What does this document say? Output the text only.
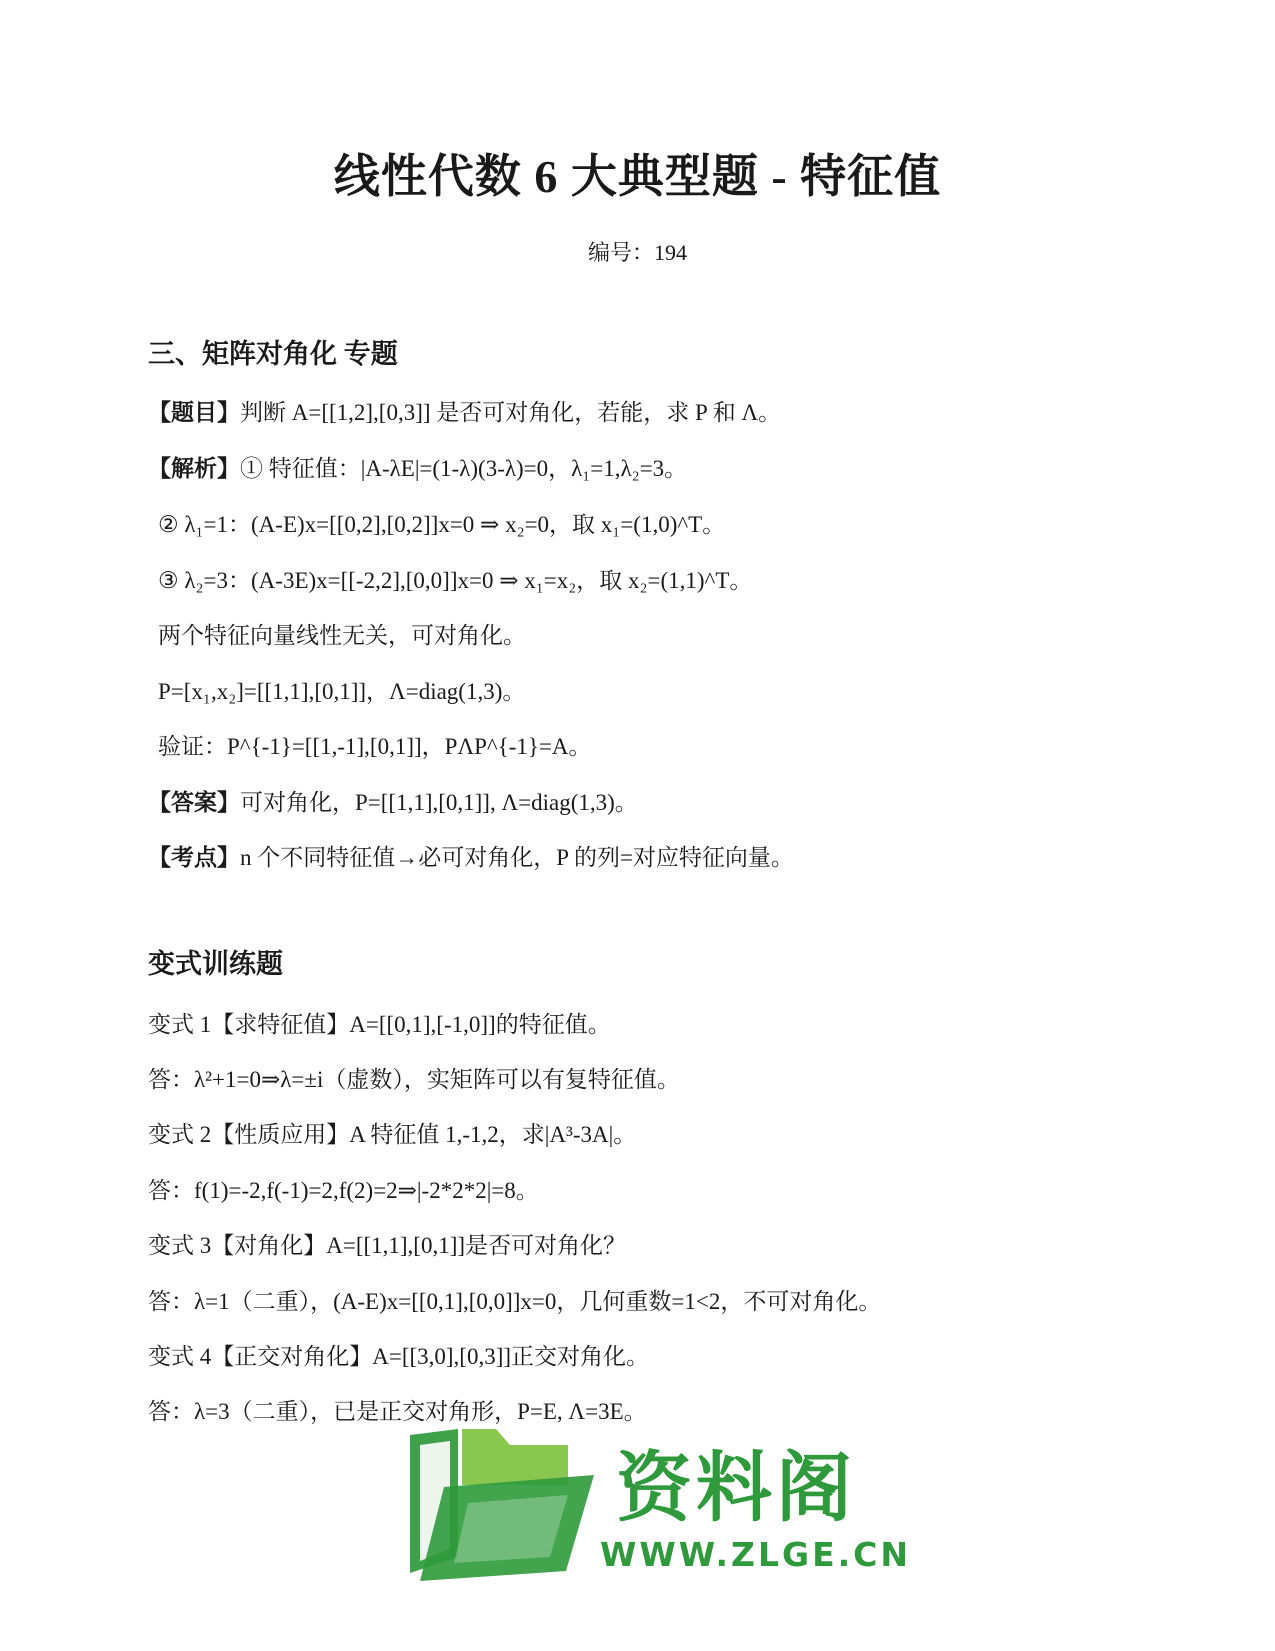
线性代数 6 大典型题 - 特征值
编号：194
三、矩阵对角化 专题
【题目】判断 A=[[1,2],[0,3]] 是否可对角化，若能，求 P 和 Λ。
【解析】① 特征值：|A-λE|=(1-λ)(3-λ)=0，λ₁=1,λ₂=3。
② λ₁=1：(A-E)x=[[0,2],[0,2]]x=0 ⇒ x₂=0，取 x₁=(1,0)^T。
③ λ₂=3：(A-3E)x=[[-2,2],[0,0]]x=0 ⇒ x₁=x₂，取 x₂=(1,1)^T。
两个特征向量线性无关，可对角化。
P=[x₁,x₂]=[[1,1],[0,1]]，Λ=diag(1,3)。
验证：P^{-1}=[[1,-1],[0,1]]，PΛP^{-1}=A。
【答案】可对角化，P=[[1,1],[0,1]], Λ=diag(1,3)。
【考点】n 个不同特征值→必可对角化，P 的列=对应特征向量。
变式训练题
变式 1【求特征值】A=[[0,1],[-1,0]]的特征值。
答：λ²+1=0⇒λ=±i（虚数），实矩阵可以有复特征值。
变式 2【性质应用】A 特征值 1,-1,2，求|A³-3A|。
答：f(1)=-2,f(-1)=2,f(2)=2⇒|-2*2*2|=8。
变式 3【对角化】A=[[1,1],[0,1]]是否可对角化？
答：λ=1（二重），(A-E)x=[[0,1],[0,0]]x=0，几何重数=1<2，不可对角化。
变式 4【正交对角化】A=[[3,0],[0,3]]正交对角化。
答：λ=3（二重），已是正交对角形，P=E, Λ=3E。
资料阁
WWW.ZLGE.CN
